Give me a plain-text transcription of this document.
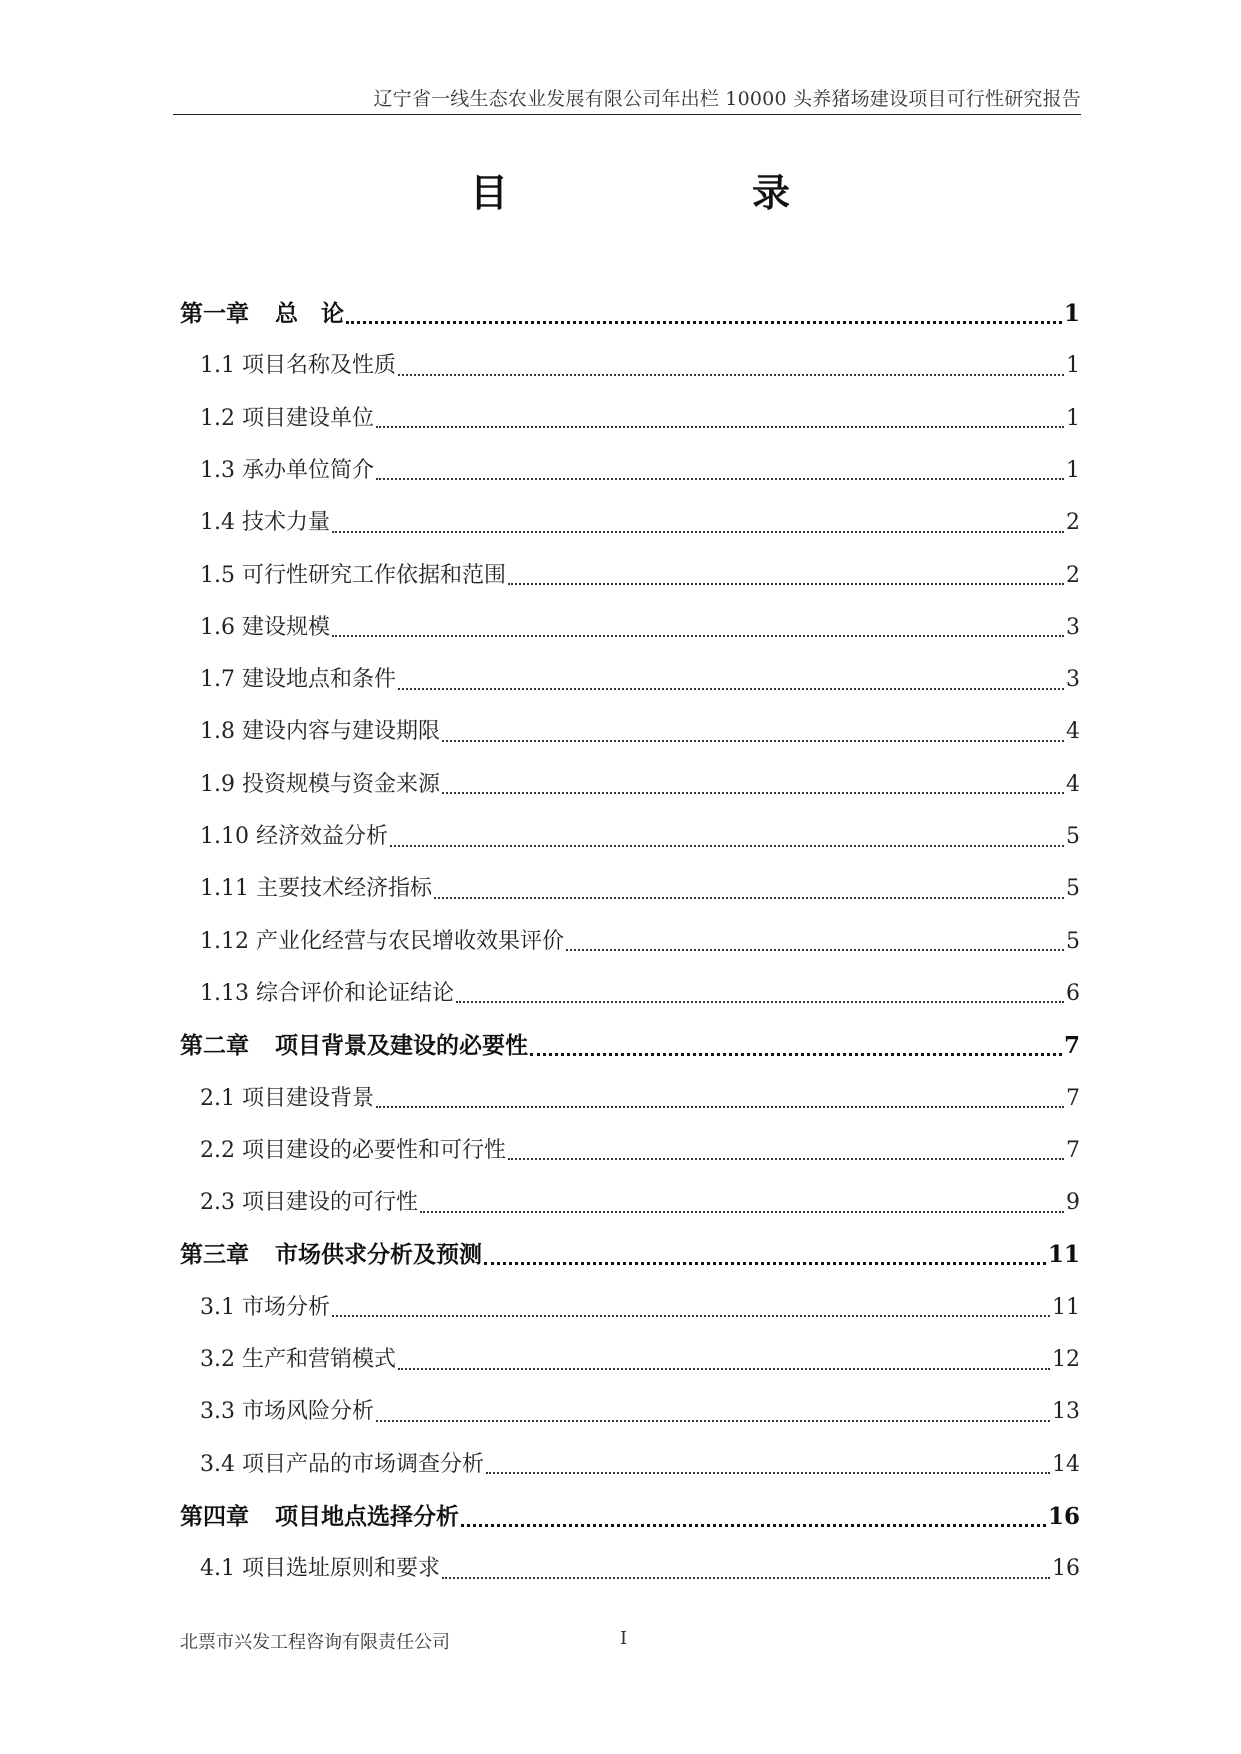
辽宁省一线生态农业发展有限公司年出栏 10000 头养猪场建设项目可行性研究报告
目	录
第一章 总　论	1
1.1 项目名称及性质	1
1.2 项目建设单位	1
1.3 承办单位简介	1
1.4 技术力量	2
1.5 可行性研究工作依据和范围	2
1.6 建设规模	3
1.7 建设地点和条件	3
1.8 建设内容与建设期限	4
1.9 投资规模与资金来源	4
1.10 经济效益分析	5
1.11 主要技术经济指标	5
1.12 产业化经营与农民增收效果评价	5
1.13 综合评价和论证结论	6
第二章 项目背景及建设的必要性	7
2.1 项目建设背景	7
2.2 项目建设的必要性和可行性	7
2.3 项目建设的可行性	9
第三章 市场供求分析及预测	11
3.1 市场分析	11
3.2 生产和营销模式	12
3.3 市场风险分析	13
3.4 项目产品的市场调查分析	14
第四章 项目地点选择分析	16
4.1 项目选址原则和要求	16
北票市兴发工程咨询有限责任公司	I
